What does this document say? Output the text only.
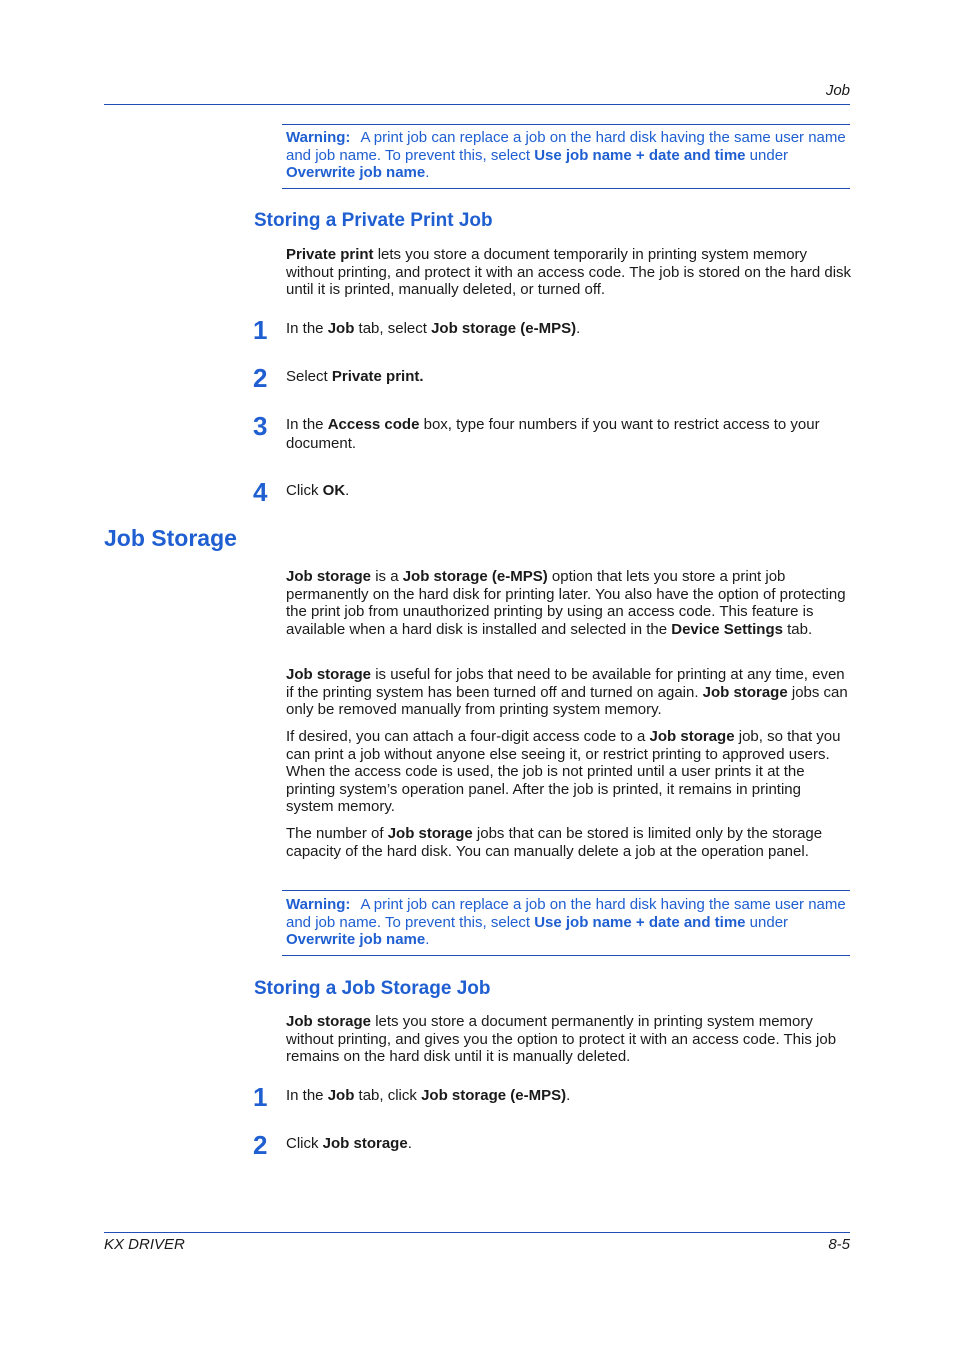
Job
Warning: A print job can replace a job on the hard disk having the same user name and job name. To prevent this, select Use job name + date and time under Overwrite job name.
Storing a Private Print Job
Private print lets you store a document temporarily in printing system memory without printing, and protect it with an access code. The job is stored on the hard disk until it is printed, manually deleted, or turned off.
1 In the Job tab, select Job storage (e-MPS).
2 Select Private print.
3 In the Access code box, type four numbers if you want to restrict access to your document.
4 Click OK.
Job Storage
Job storage is a Job storage (e-MPS) option that lets you store a print job permanently on the hard disk for printing later. You also have the option of protecting the print job from unauthorized printing by using an access code. This feature is available when a hard disk is installed and selected in the Device Settings tab.
Job storage is useful for jobs that need to be available for printing at any time, even if the printing system has been turned off and turned on again. Job storage jobs can only be removed manually from printing system memory.
If desired, you can attach a four-digit access code to a Job storage job, so that you can print a job without anyone else seeing it, or restrict printing to approved users. When the access code is used, the job is not printed until a user prints it at the printing system’s operation panel. After the job is printed, it remains in printing system memory.
The number of Job storage jobs that can be stored is limited only by the storage capacity of the hard disk. You can manually delete a job at the operation panel.
Warning: A print job can replace a job on the hard disk having the same user name and job name. To prevent this, select Use job name + date and time under Overwrite job name.
Storing a Job Storage Job
Job storage lets you store a document permanently in printing system memory without printing, and gives you the option to protect it with an access code. This job remains on the hard disk until it is manually deleted.
1 In the Job tab, click Job storage (e-MPS).
2 Click Job storage.
KX DRIVER	8-5
